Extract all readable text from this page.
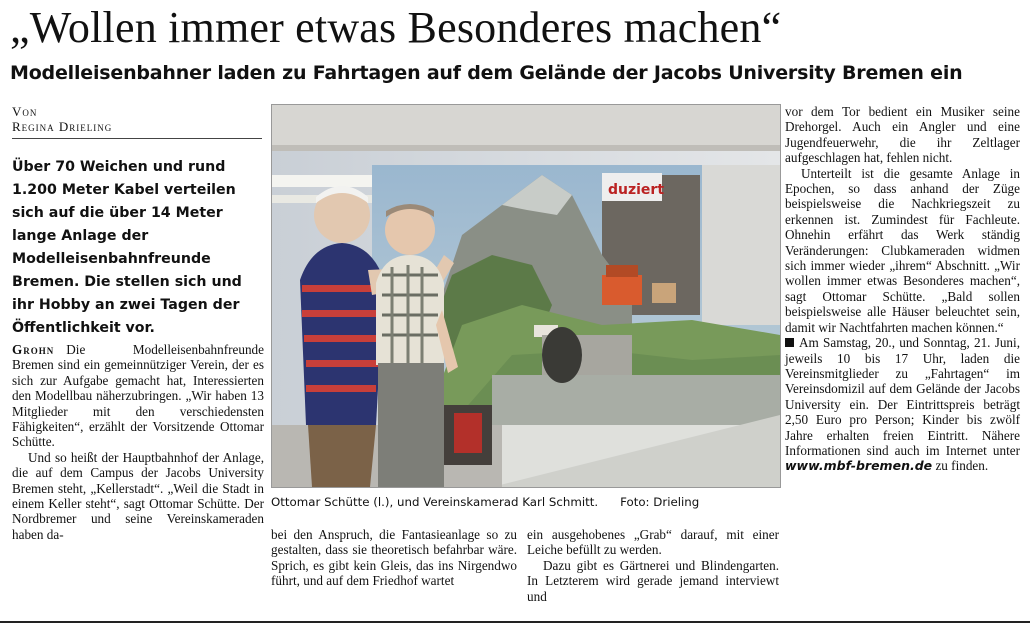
„Wollen immer etwas Besonderes machen“
Modelleisenbahner laden zu Fahrtagen auf dem Gelände der Jacobs University Bremen ein
Von
Regina Drieling
Über 70 Weichen und rund 1.200 Meter Kabel verteilen sich auf die über 14 Meter lange Anlage der Modelleisenbahnfreunde Bremen. Die stellen sich und ihr Hobby an zwei Tagen der Öffentlichkeit vor.

Grohn Die Modelleisenbahnfreunde Bremen sind ein gemeinnütziger Verein, der es sich zur Aufgabe gemacht hat, Interessierten den Modellbau näherzubringen. „Wir haben 13 Mitglieder mit den verschiedensten Fähigkeiten“, erzählt der Vorsitzende Ottomar Schütte.

Und so heißt der Hauptbahnhof der Anlage, die auf dem Campus der Jacobs University Bremen steht, „Kellerstadt“. „Weil die Stadt in einem Keller steht“, sagt Ottomar Schütte. Der Nordbremer und seine Vereinskameraden haben da-

duziert
Ottomar Schütte (l.), und Vereinskamerad Karl Schmitt. Foto: Drieling

bei den Anspruch, die Fantasieanlage so zu gestalten, dass sie theoretisch befahrbar wäre. Sprich, es gibt kein Gleis, das ins Nirgendwo führt, und auf dem Friedhof wartet

ein ausgehobenes „Grab“ darauf, mit einer Leiche befüllt zu werden.

Dazu gibt es Gärtnerei und Blindengarten. In Letzterem wird gerade jemand interviewt und

vor dem Tor bedient ein Musiker seine Drehorgel. Auch ein Angler und eine Jugendfeuerwehr, die ihr Zeltlager aufgeschlagen hat, fehlen nicht.

Unterteilt ist die gesamte Anlage in Epochen, so dass anhand der Züge beispielsweise die Nachkriegszeit zu erkennen ist. Zumindest für Fachleute. Ohnehin erfährt das Werk ständig Veränderungen: Clubkameraden widmen sich immer wieder „ihrem“ Abschnitt. „Wir wollen immer etwas Besonderes machen“, sagt Ottomar Schütte. „Bald sollen beispielsweise alle Häuser beleuchtet sein, damit wir Nachtfahrten machen können.“

Am Samstag, 20., und Sonntag, 21. Juni, jeweils 10 bis 17 Uhr, laden die Vereinsmitglieder zu „Fahrtagen“ im Vereinsdomizil auf dem Gelände der Jacobs University ein. Der Eintrittspreis beträgt 2,50 Euro pro Person; Kinder bis zwölf Jahre erhalten freien Eintritt. Nähere Informationen sind auch im Internet unter www.mbf-bremen.de zu finden.
